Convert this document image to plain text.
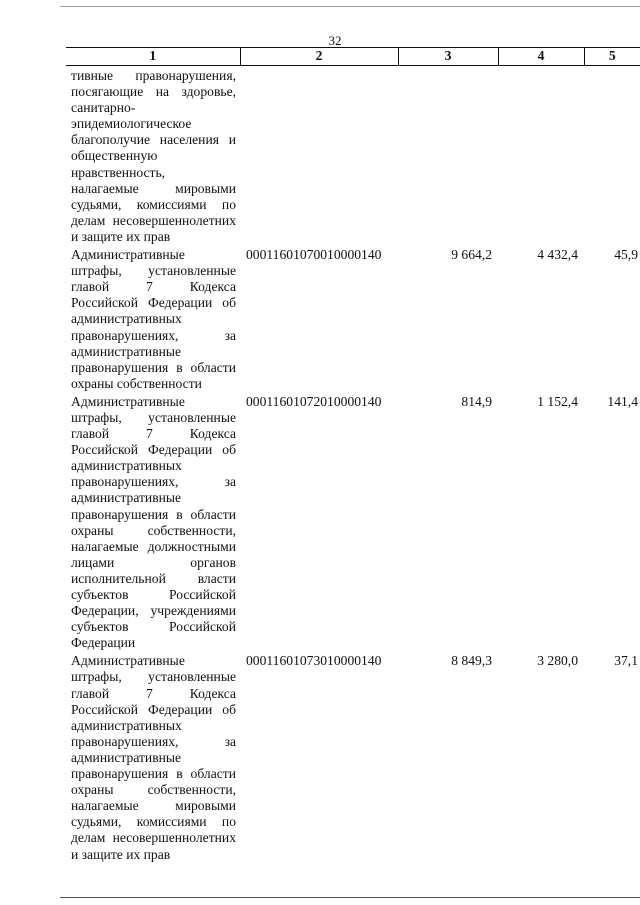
32
1	2	3	4	5
тивные правонарушения, посягающие на здоровье, санитарно-эпидемиологическое благополучие населения и общественную нравственность, налагаемые мировыми судьями, комиссиями по делам несовершеннолетних и защите их прав				
Административные штрафы, установленные главой 7 Кодекса Российской Федерации об административных правонарушениях, за административные правонарушения в области охраны собственности	00011601070010000140	9 664,2	4 432,4	45,9
Административные штрафы, установленные главой 7 Кодекса Российской Федерации об административных правонарушениях, за административные правонарушения в области охраны собственности, налагаемые должностными лицами органов исполнительной власти субъектов Российской Федерации, учреждениями субъектов Российской Федерации	00011601072010000140	814,9	1 152,4	141,4
Административные штрафы, установленные главой 7 Кодекса Российской Федерации об административных правонарушениях, за административные правонарушения в области охраны собственности, налагаемые мировыми судьями, комиссиями по делам несовершеннолетних и защите их прав	00011601073010000140	8 849,3	3 280,0	37,1
